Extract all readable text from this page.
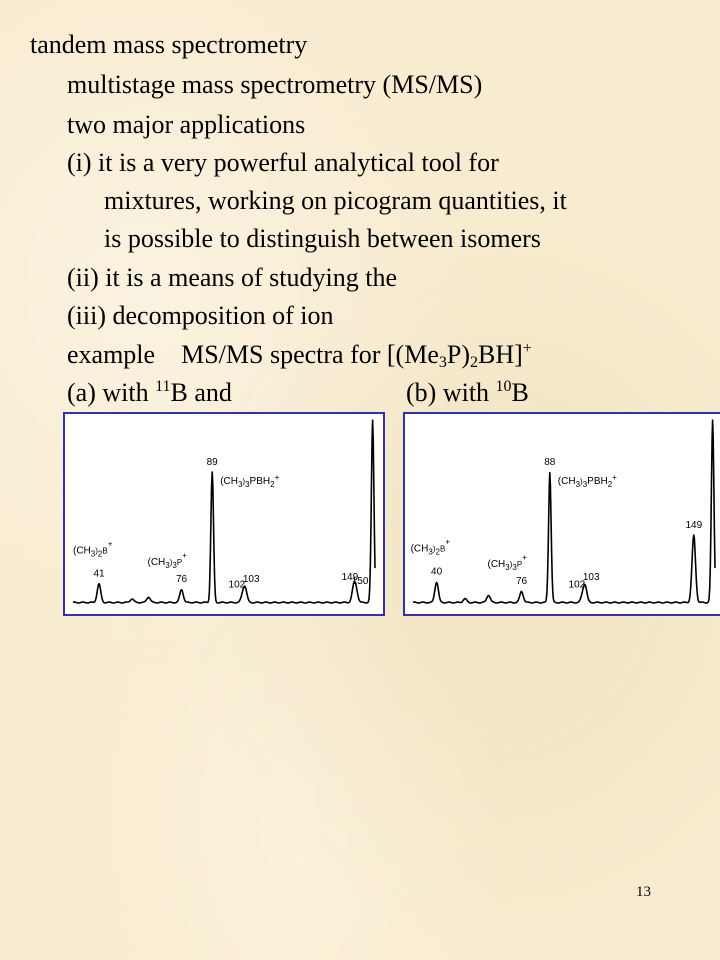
tandem mass spectrometry
multistage mass spectrometry (MS/MS)
two major applications
(i) it is a very powerful analytical tool for
mixtures, working on picogram quantities, it
is possible to distinguish between isomers
(ii) it is a means of studying the
(iii) decomposition of ion
example MS/MS spectra for $[(Me_3P)_2BH]^+$
(a) with $^{11}$B and	(b) with $^{10}$B
41
76
89
102
103	149
150
($CH_3^)_2^{B+}$
($CH_3^)_3^{P+}$
($CH_3^)_3PBH_2^+$
40
76
88
102
103
149
($CH_3^)_2^{B+}$
($CH_3^)_3^{P+}$
($CH_3^)_3PBH_2^+$
13
